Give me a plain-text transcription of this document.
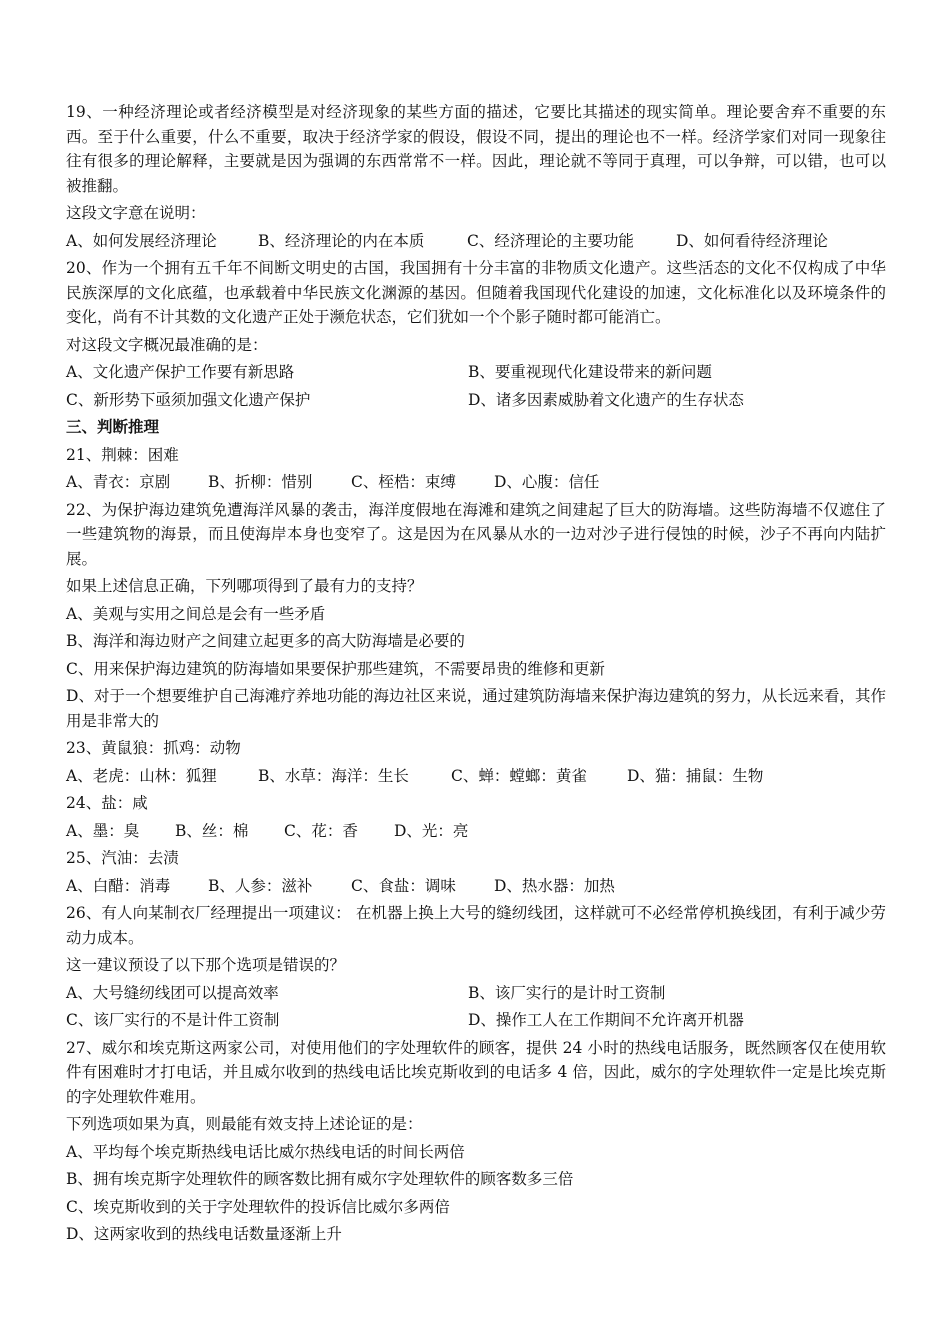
19、一种经济理论或者经济模型是对经济现象的某些方面的描述，它要比其描述的现实简单。理论要舍弃不重要的东西。至于什么重要，什么不重要，取决于经济学家的假设，假设不同，提出的理论也不一样。经济学家们对同一现象往往有很多的理论解释，主要就是因为强调的东西常常不一样。因此，理论就不等同于真理，可以争辩，可以错，也可以被推翻。

这段文字意在说明：

A、如何发展经济理论	B、经济理论的内在本质	C、经济理论的主要功能	D、如何看待经济理论

20、作为一个拥有五千年不间断文明史的古国，我国拥有十分丰富的非物质文化遗产。这些活态的文化不仅构成了中华民族深厚的文化底蕴，也承载着中华民族文化渊源的基因。但随着我国现代化建设的加速，文化标准化以及环境条件的变化，尚有不计其数的文化遗产正处于濒危状态，它们犹如一个个影子随时都可能消亡。

对这段文字概况最准确的是：

A、文化遗产保护工作要有新思路	B、要重视现代化建设带来的新问题
C、新形势下亟须加强文化遗产保护	D、诸多因素威胁着文化遗产的生存状态

三、判断推理

21、荆棘：困难

A、青衣：京剧	B、折柳：惜别	C、桎梏：束缚	D、心腹：信任

22、为保护海边建筑免遭海洋风暴的袭击，海洋度假地在海滩和建筑之间建起了巨大的防海墙。这些防海墙不仅遮住了一些建筑物的海景，而且使海岸本身也变窄了。这是因为在风暴从水的一边对沙子进行侵蚀的时候，沙子不再向内陆扩展。

如果上述信息正确，下列哪项得到了最有力的支持？

A、美观与实用之间总是会有一些矛盾

B、海洋和海边财产之间建立起更多的高大防海墙是必要的

C、用来保护海边建筑的防海墙如果要保护那些建筑，不需要昂贵的维修和更新

D、对于一个想要维护自己海滩疗养地功能的海边社区来说，通过建筑防海墙来保护海边建筑的努力，从长远来看，其作用是非常大的

23、黄鼠狼：抓鸡：动物

A、老虎：山林：狐狸	B、水草：海洋：生长	C、蝉：螳螂：黄雀	D、猫：捕鼠：生物

24、盐：咸

A、墨：臭	B、丝：棉	C、花：香	D、光：亮

25、汽油：去渍

A、白醋：消毒	B、人参：滋补	C、食盐：调味	D、热水器：加热

26、有人向某制衣厂经理提出一项建议： 在机器上换上大号的缝纫线团，这样就可不必经常停机换线团，有利于减少劳动力成本。

这一建议预设了以下那个选项是错误的？

A、大号缝纫线团可以提高效率	B、该厂实行的是计时工资制
C、该厂实行的不是计件工资制	D、操作工人在工作期间不允许离开机器

27、威尔和埃克斯这两家公司，对使用他们的字处理软件的顾客，提供 24 小时的热线电话服务，既然顾客仅在使用软件有困难时才打电话，并且威尔收到的热线电话比埃克斯收到的电话多 4 倍，因此，威尔的字处理软件一定是比埃克斯的字处理软件难用。

下列选项如果为真，则最能有效支持上述论证的是：

A、平均每个埃克斯热线电话比威尔热线电话的时间长两倍

B、拥有埃克斯字处理软件的顾客数比拥有威尔字处理软件的顾客数多三倍

C、埃克斯收到的关于字处理软件的投诉信比威尔多两倍

D、这两家收到的热线电话数量逐渐上升
